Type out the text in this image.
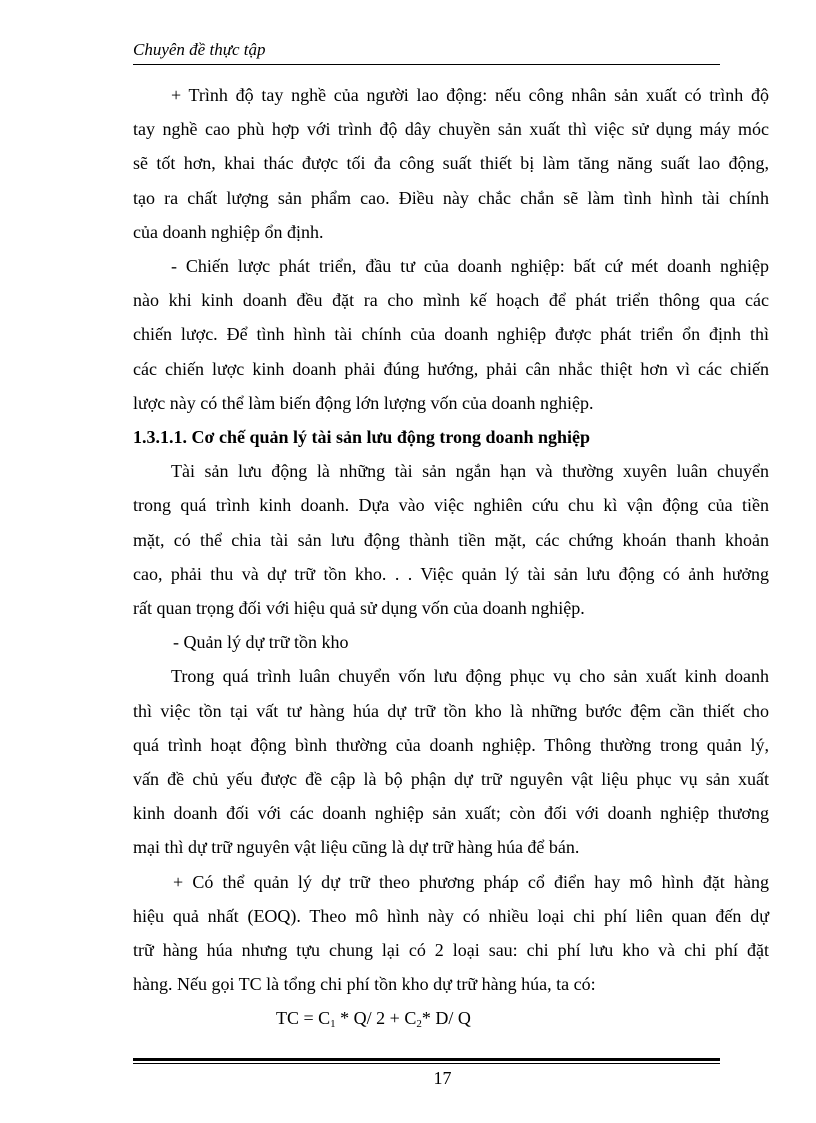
Chuyên đề thực tập

+ Trình độ tay nghề của người lao động: nếu công nhân sản xuất có trình độ

tay nghề cao phù hợp với trình độ dây chuyền sản xuất thì việc sử dụng máy móc

sẽ tốt hơn, khai thác được tối đa công suất thiết bị làm tăng năng suất lao động,

tạo ra chất lượng sản phẩm cao. Điều này chắc chắn sẽ làm tình hình tài chính

của doanh nghiệp ổn định.

- Chiến lược phát triển, đầu tư của doanh nghiệp: bất cứ mét doanh nghiệp

nào khi kinh doanh đều đặt ra cho mình kế hoạch để phát triển thông qua các

chiến lược. Để tình hình tài chính của doanh nghiệp được phát triển ổn định thì

các chiến lược kinh doanh phải đúng hướng, phải cân nhắc thiệt hơn vì các chiến

lược này có thể làm biến động lớn lượng vốn của doanh nghiệp.

1.3.1.1. Cơ chế quản lý tài sản lưu động trong doanh nghiệp

Tài sản lưu động là những tài sản ngắn hạn và thường xuyên luân chuyển

trong quá trình kinh doanh. Dựa vào việc nghiên cứu chu kì vận động của tiền

mặt, có thể chia tài sản lưu động thành tiền mặt, các chứng khoán thanh khoản

cao, phải thu và dự trữ tồn kho. . . Việc quản lý tài sản lưu động có ảnh hưởng

rất quan trọng đối với hiệu quả sử dụng vốn của doanh nghiệp.

- Quản lý dự trữ tồn kho

Trong quá trình luân chuyển vốn lưu động phục vụ cho sản xuất kinh doanh

thì việc tồn tại vất tư hàng húa dự trữ tồn kho là những bước đệm cần thiết cho

quá trình hoạt động bình thường của doanh nghiệp. Thông thường trong quản lý,

vấn đề chủ yếu được đề cập là bộ phận dự trữ nguyên vật liệu phục vụ sản xuất

kinh doanh đối với các doanh nghiệp sản xuất; còn đối với doanh nghiệp thương

mại thì dự trữ nguyên vật liệu cũng là dự trữ hàng húa để bán.

+ Có thể quản lý dự trữ theo phương pháp cổ điển hay mô hình đặt hàng

hiệu quả nhất (EOQ). Theo mô hình này có nhiều loại chi phí liên quan đến dự

trữ hàng húa nhưng tựu chung lại có 2 loại sau: chi phí lưu kho và chi phí đặt

hàng. Nếu gọi TC là tổng chi phí tồn kho dự trữ hàng húa, ta có:

TC = $C_1 * Q/$ $2 + C_2*$ D/ Q

17
